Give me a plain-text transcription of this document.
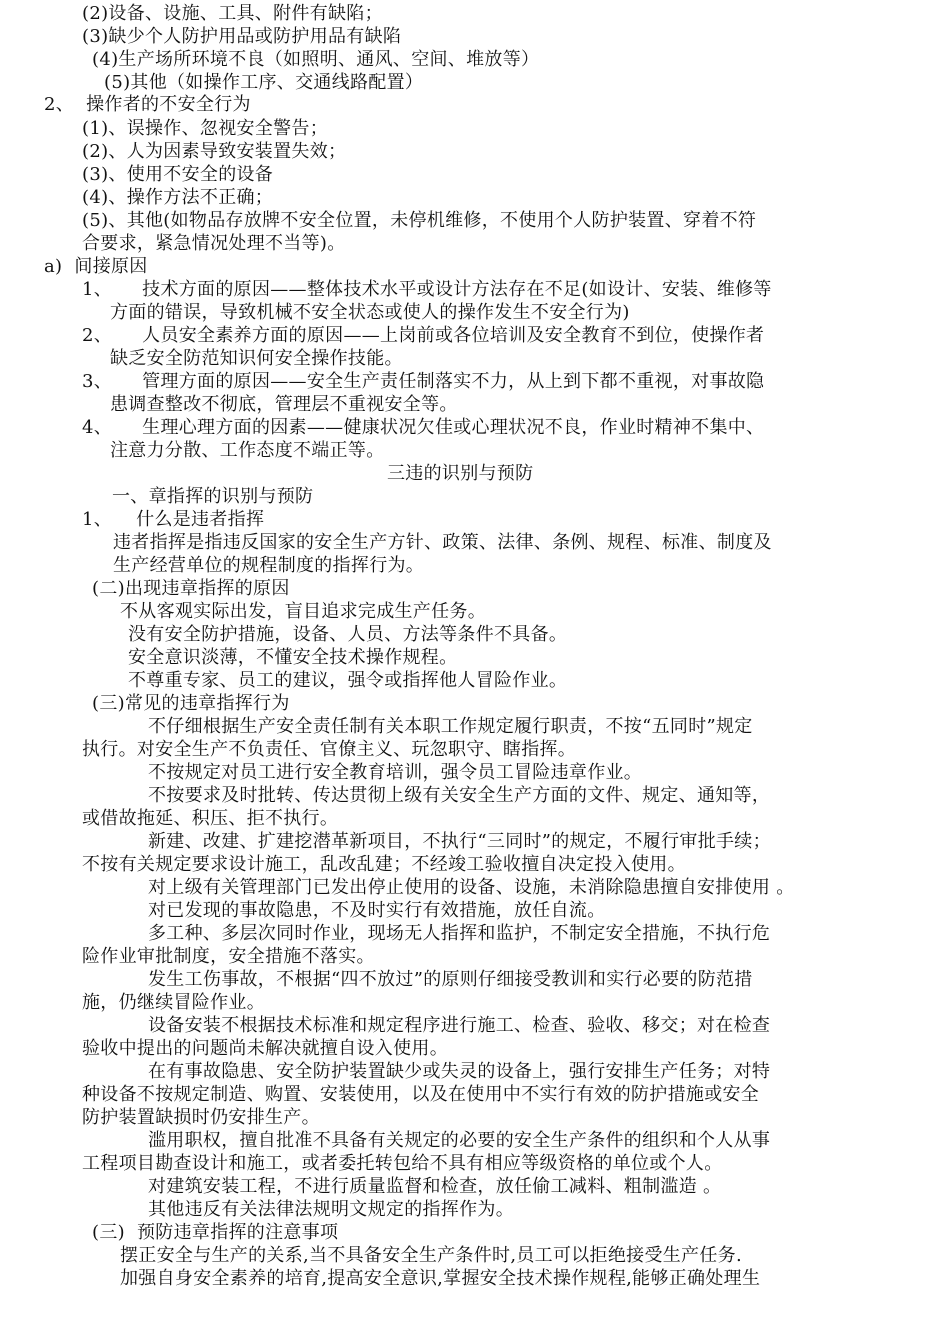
(2)设备、设施、工具、附件有缺陷；
(3)缺少个人防护用品或防护用品有缺陷
(4)生产场所环境不良（如照明、通风、空间、堆放等）
(5)其他（如操作工序、交通线路配置）
2、  操作者的不安全行为
(1)、误操作、忽视安全警告；
(2)、人为因素导致安装置失效；
(3)、使用不安全的设备
(4)、操作方法不正确；
(5)、其他(如物品存放牌不安全位置，未停机维修，不使用个人防护装置、穿着不符
合要求，紧急情况处理不当等)。
a)  间接原因
1、     技术方面的原因——整体技术水平或设计方法存在不足(如设计、安装、维修等
方面的错误，导致机械不安全状态或使人的操作发生不安全行为)
2、     人员安全素养方面的原因——上岗前或各位培训及安全教育不到位，使操作者
缺乏安全防范知识何安全操作技能。
3、     管理方面的原因——安全生产责任制落实不力，从上到下都不重视，对事故隐
患调查整改不彻底，管理层不重视安全等。
4、     生理心理方面的因素——健康状况欠佳或心理状况不良，作业时精神不集中、
注意力分散、工作态度不端正等。
三违的识别与预防
一、章指挥的识别与预防
1、    什么是违者指挥
违者指挥是指违反国家的安全生产方针、政策、法律、条例、规程、标准、制度及
生产经营单位的规程制度的指挥行为。
(二)出现违章指挥的原因
不从客观实际出发，盲目追求完成生产任务。
没有安全防护措施，设备、人员、方法等条件不具备。
安全意识淡薄，不懂安全技术操作规程。
不尊重专家、员工的建议，强令或指挥他人冒险作业。
(三)常见的违章指挥行为
不仔细根据生产安全责任制有关本职工作规定履行职责，不按“五同时”规定
执行。对安全生产不负责任、官僚主义、玩忽职守、瞎指挥。
不按规定对员工进行安全教育培训，强令员工冒险违章作业。
不按要求及时批转、传达贯彻上级有关安全生产方面的文件、规定、通知等，
或借故拖延、积压、拒不执行。
新建、改建、扩建挖潜革新项目，不执行“三同时”的规定，不履行审批手续；
不按有关规定要求设计施工，乱改乱建；不经竣工验收擅自决定投入使用。
对上级有关管理部门已发出停止使用的设备、设施，未消除隐患擅自安排使用 。
对已发现的事故隐患，不及时实行有效措施，放任自流。
多工种、多层次同时作业，现场无人指挥和监护，不制定安全措施，不执行危
险作业审批制度，安全措施不落实。
发生工伤事故，不根据“四不放过”的原则仔细接受教训和实行必要的防范措
施，仍继续冒险作业。
设备安装不根据技术标准和规定程序进行施工、检查、验收、移交；对在检查
验收中提出的问题尚未解决就擅自设入使用。
在有事故隐患、安全防护装置缺少或失灵的设备上，强行安排生产任务；对特
种设备不按规定制造、购置、安装使用，以及在使用中不实行有效的防护措施或安全
防护装置缺损时仍安排生产。
滥用职权，擅自批准不具备有关规定的必要的安全生产条件的组织和个人从事
工程项目勘查设计和施工，或者委托转包给不具有相应等级资格的单位或个人。
对建筑安装工程，不进行质量监督和检查，放任偷工减料、粗制滥造 。
其他违反有关法律法规明文规定的指挥作为。
(三)  预防违章指挥的注意事项
摆正安全与生产的关系,当不具备安全生产条件时,员工可以拒绝接受生产任务.
加强自身安全素养的培育,提高安全意识,掌握安全技术操作规程,能够正确处理生
